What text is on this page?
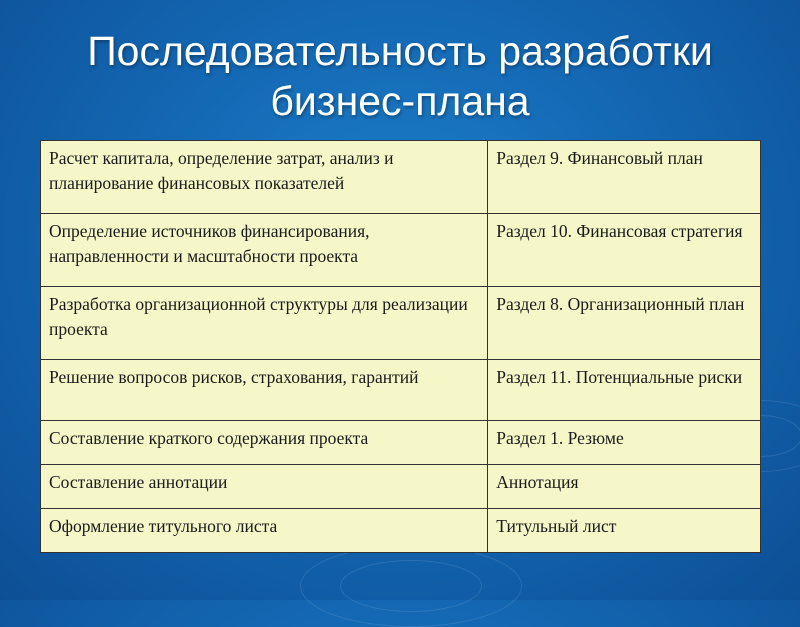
Последовательность разработки
бизнес-плана
Расчет капитала, определение затрат, анализ и планирование финансовых показателей	Раздел 9. Финансовый план
Определение источников финансирования, направленности и масштабности проекта	Раздел 10. Финансовая стратегия
Разработка организационной структуры для реализации проекта	Раздел 8. Организационный план
Решение вопросов рисков, страхования, гарантий	Раздел 11. Потенциальные риски
Составление краткого содержания проекта	Раздел 1. Резюме
Составление аннотации	Аннотация
Оформление титульного листа	Титульный лист
